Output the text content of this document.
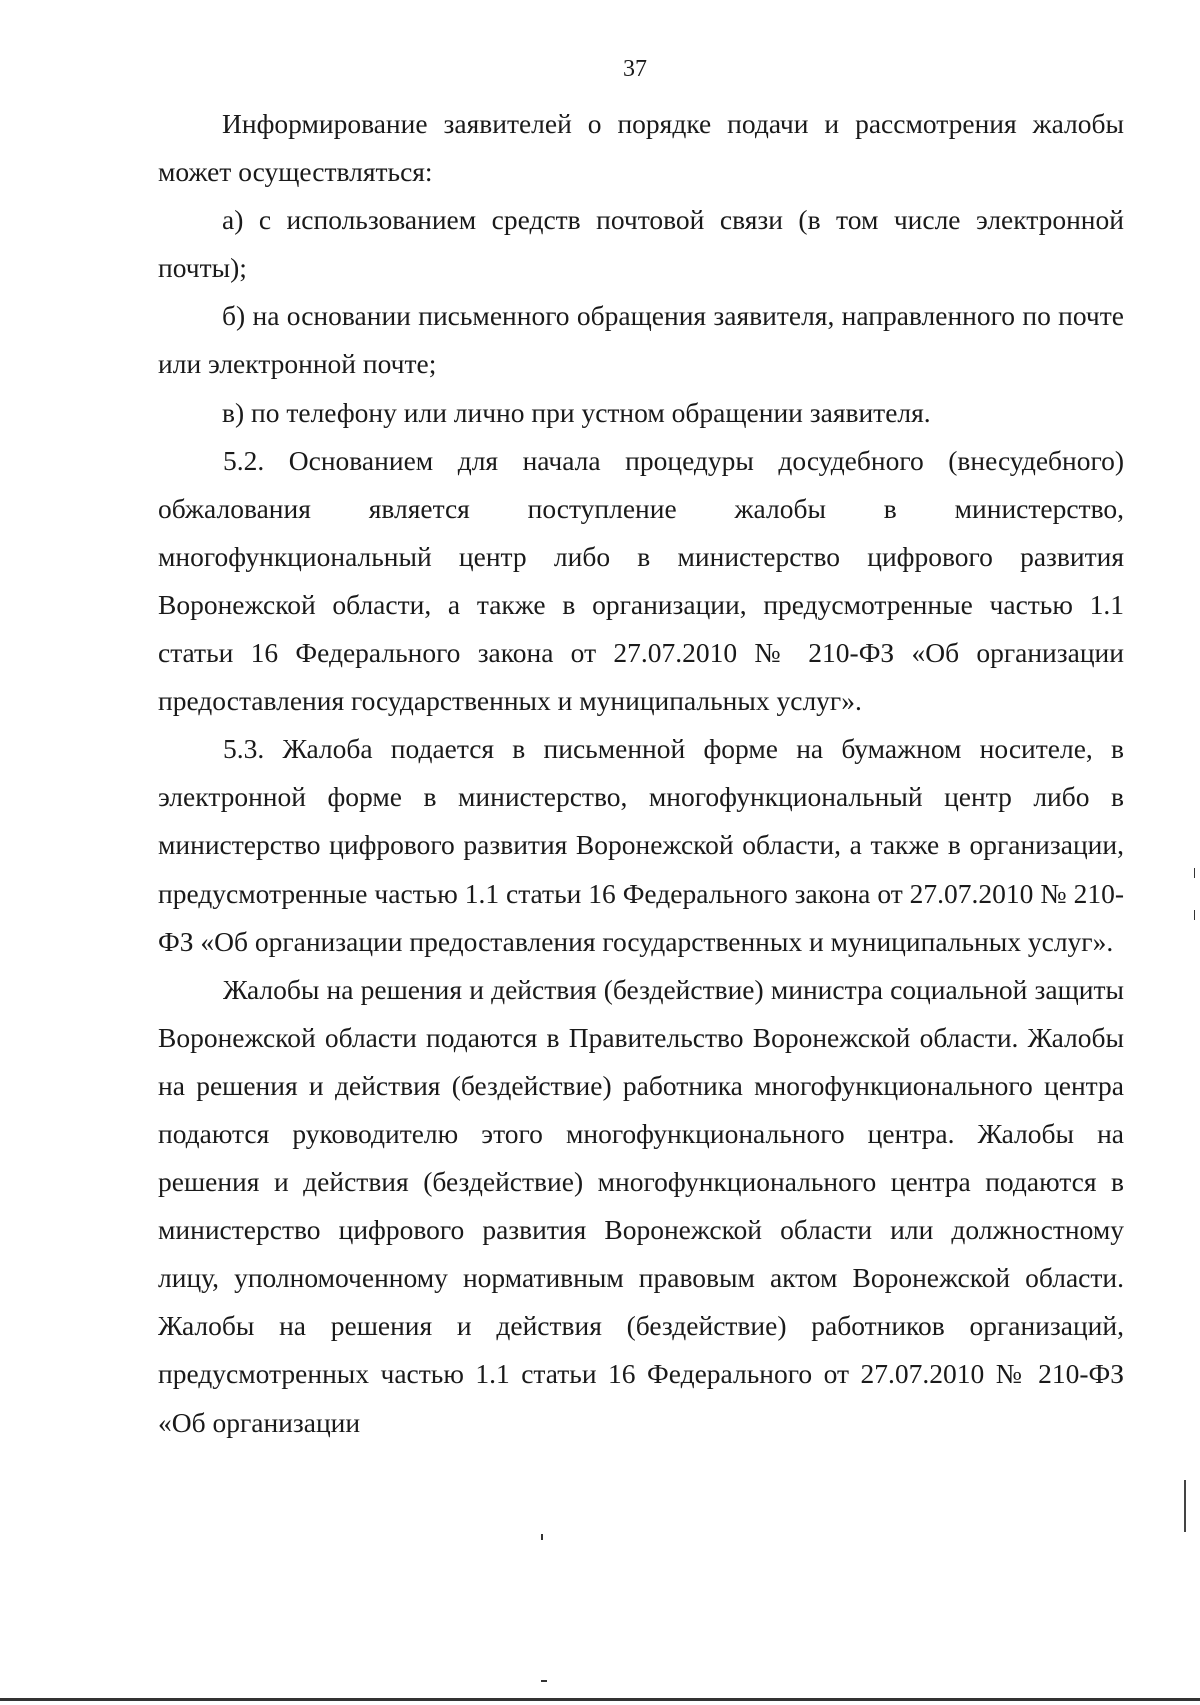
37

Информирование заявителей о порядке подачи и рассмотрения жалобы может осуществляться:

а) с использованием средств почтовой связи (в том числе электронной почты);

б) на основании письменного обращения заявителя, направленного по почте или электронной почте;

в) по телефону или лично при устном обращении заявителя.

5.2. Основанием для начала процедуры досудебного (внесудебного) обжалования является поступление жалобы в министерство, многофункциональный центр либо в министерство цифрового развития Воронежской области, а также в организации, предусмотренные частью 1.1 статьи 16 Федерального закона от 27.07.2010 № 210-ФЗ «Об организации предоставления государственных и муниципальных услуг».

5.3. Жалоба подается в письменной форме на бумажном носителе, в электронной форме в министерство, многофункциональный центр либо в министерство цифрового развития Воронежской области, а также в организации, предусмотренные частью 1.1 статьи 16 Федерального закона от 27.07.2010 № 210-ФЗ «Об организации предоставления государственных и муниципальных услуг».

Жалобы на решения и действия (бездействие) министра социальной защиты Воронежской области подаются в Правительство Воронежской области. Жалобы на решения и действия (бездействие) работника многофункционального центра подаются руководителю этого многофункционального центра. Жалобы на решения и действия (бездействие) многофункционального центра подаются в министерство цифрового развития Воронежской области или должностному лицу, уполномоченному нормативным правовым актом Воронежской области. Жалобы на решения и действия (бездействие) работников организаций, предусмотренных частью 1.1 статьи 16 Федерального от 27.07.2010 № 210-ФЗ «Об организации
